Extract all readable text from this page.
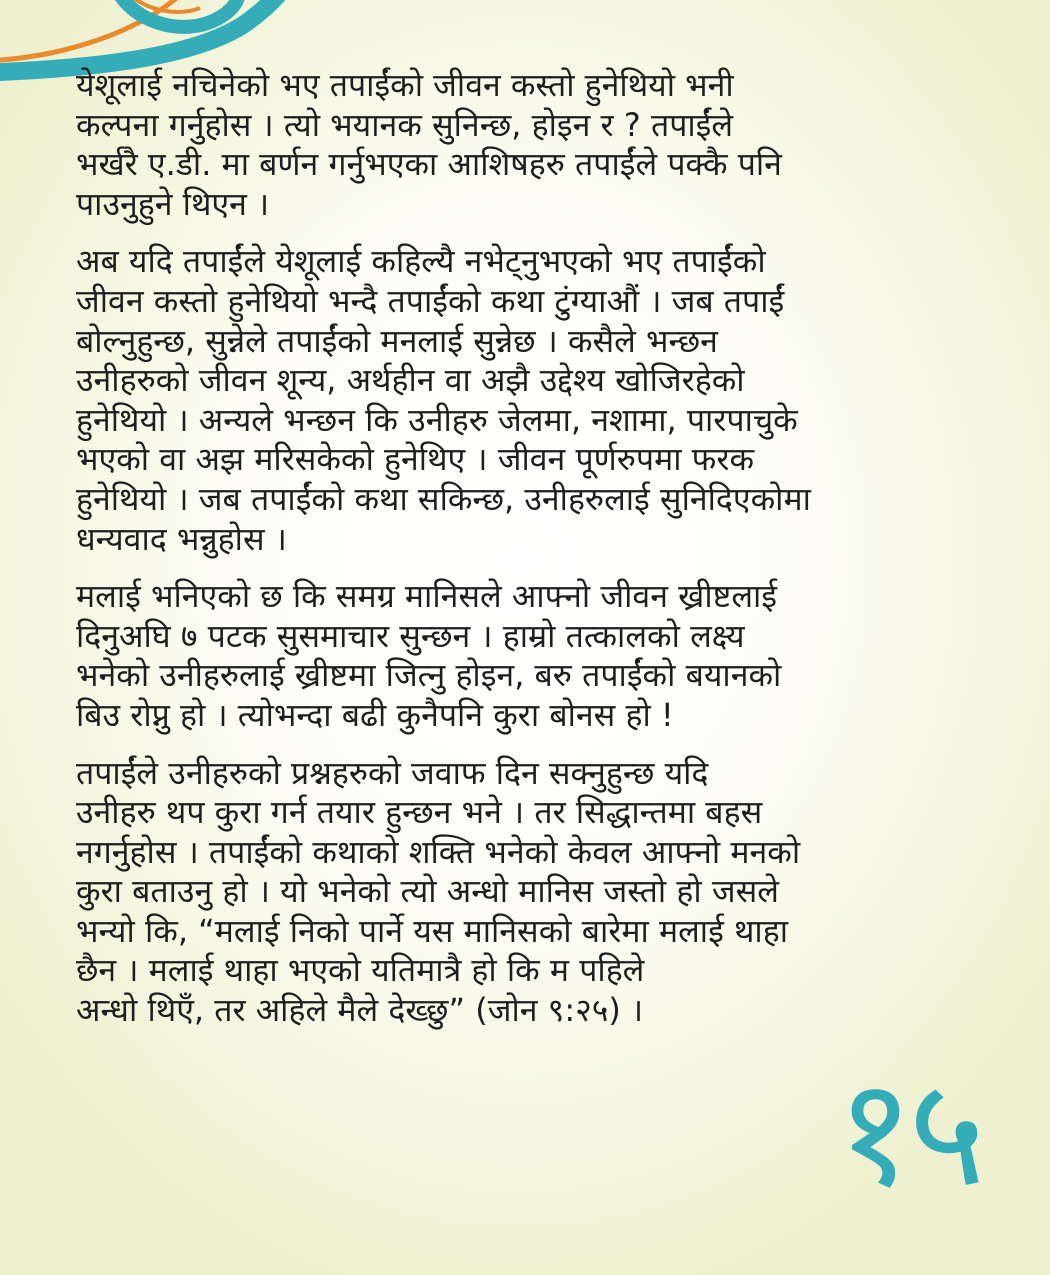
येशूलाई नचिनेको भए तपाईंको जीवन कस्तो हुनेथियो भनी
कल्पना गर्नुहोस । त्यो भयानक सुनिन्छ, होइन र ? तपाईंले
भर्खरै ए.डी. मा बर्णन गर्नुभएका आशिषहरु तपाईंले पक्कै पनि
पाउनुहुने थिएन ।

अब यदि तपाईंले येशूलाई कहिल्यै नभेट्नुभएको भए तपाईंको
जीवन कस्तो हुनेथियो भन्दै तपाईंको कथा टुंग्याऔं । जब तपाईं
बोल्नुहुन्छ, सुन्नेले तपाईंको मनलाई सुन्नेछ । कसैले भन्छन
उनीहरुको जीवन शून्य, अर्थहीन वा अझै उद्देश्य खोजिरहेको
हुनेथियो । अन्यले भन्छन कि उनीहरु जेलमा, नशामा, पारपाचुके
भएको वा अझ मरिसकेको हुनेथिए । जीवन पूर्णरुपमा फरक
हुनेथियो । जब तपाईंको कथा सकिन्छ, उनीहरुलाई सुनिदिएकोमा
धन्यवाद भन्नुहोस ।

मलाई भनिएको छ कि समग्र मानिसले आफ्नो जीवन ख्रीष्टलाई
दिनुअघि ७ पटक सुसमाचार सुन्छन । हाम्रो तत्कालको लक्ष्य
भनेको उनीहरुलाई ख्रीष्टमा जित्नु होइन, बरु तपाईंको बयानको
बिउ रोप्नु हो । त्योभन्दा बढी कुनैपनि कुरा बोनस हो !

तपाईंले उनीहरुको प्रश्नहरुको जवाफ दिन सक्नुहुन्छ यदि
उनीहरु थप कुरा गर्न तयार हुन्छन भने । तर सिद्धान्तमा बहस
नगर्नुहोस । तपाईंको कथाको शक्ति भनेको केवल आफ्नो मनको
कुरा बताउनु हो । यो भनेको त्यो अन्धो मानिस जस्तो हो जसले
भन्यो कि, “मलाई निको पार्ने यस मानिसको बारेमा मलाई थाहा
छैन । मलाई थाहा भएको यतिमात्रै हो कि म पहिले
अन्धो थिएँ, तर अहिले मैले देख्छु” (जोन ९:२५) ।

१५
